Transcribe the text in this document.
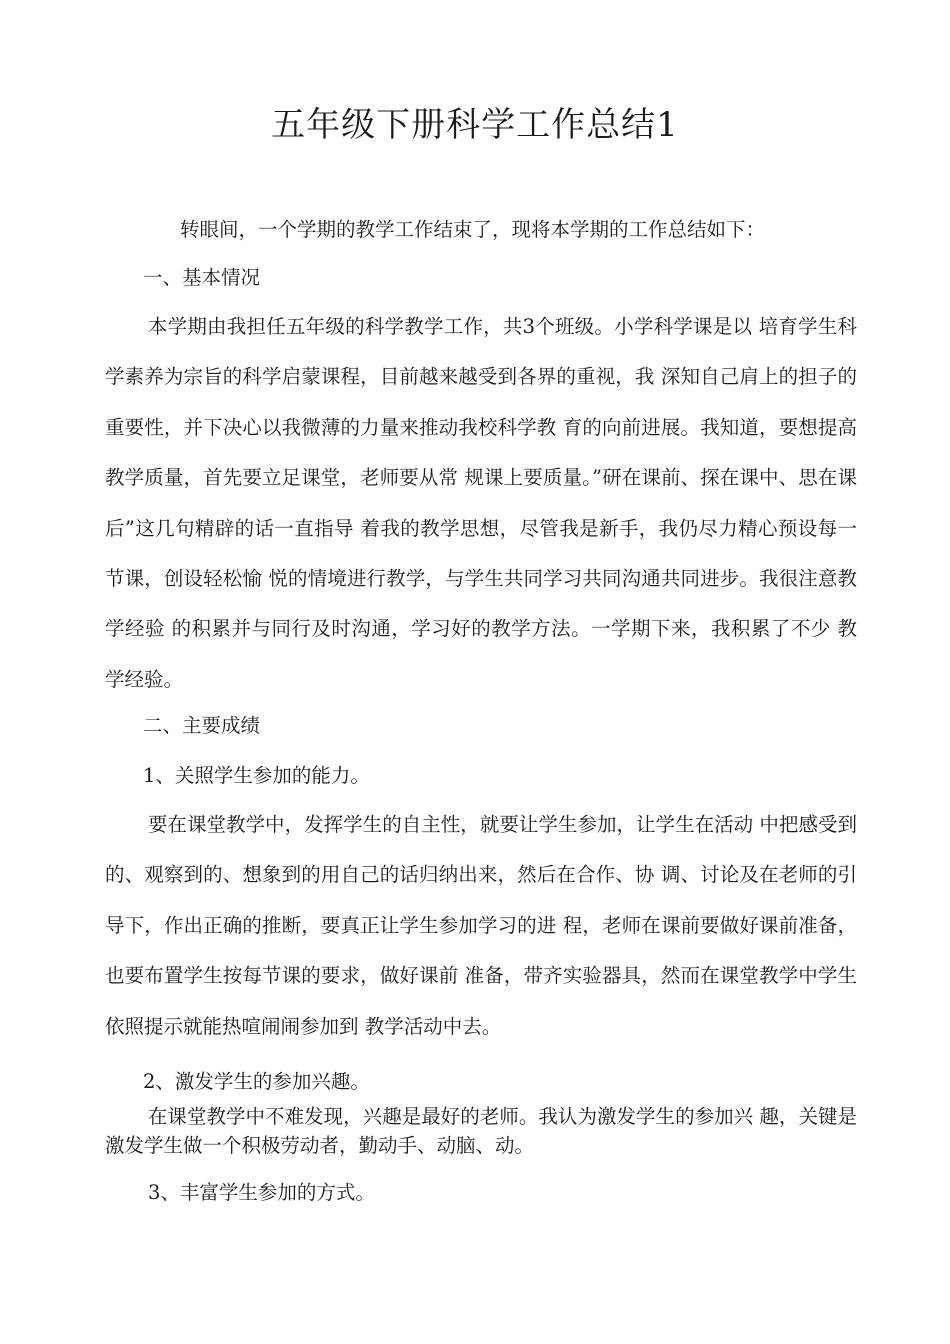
五年级下册科学工作总结1

转眼间，一个学期的教学工作结束了，现将本学期的工作总结如下：

一、基本情况

本学期由我担任五年级的科学教学工作，共3个班级。小学科学课是以 培育学生科学素养为宗旨的科学启蒙课程，目前越来越受到各界的重视，我 深知自己肩上的担子的重要性，并下决心以我微薄的力量来推动我校科学教 育的向前进展。我知道，要想提高教学质量，首先要立足课堂，老师要从常 规课上要质量。”研在课前、探在课中、思在课后”这几句精辟的话一直指导 着我的教学思想，尽管我是新手，我仍尽力精心预设每一节课，创设轻松愉 悦的情境进行教学，与学生共同学习共同沟通共同进步。我很注意教学经验 的积累并与同行及时沟通，学习好的教学方法。一学期下来，我积累了不少 教学经验。

二、主要成绩

1、关照学生参加的能力。

要在课堂教学中，发挥学生的自主性，就要让学生参加，让学生在活动 中把感受到的、观察到的、想象到的用自己的话归纳出来，然后在合作、协 调、讨论及在老师的引导下，作出正确的推断，要真正让学生参加学习的进 程，老师在课前要做好课前准备，也要布置学生按每节课的要求，做好课前 准备，带齐实验器具，然而在课堂教学中学生依照提示就能热喧闹闹参加到 教学活动中去。

2、激发学生的参加兴趣。

在课堂教学中不难发现，兴趣是最好的老师。我认为激发学生的参加兴 趣，关键是激发学生做一个积极劳动者，勤动手、动脑、动。

3、丰富学生参加的方式。
